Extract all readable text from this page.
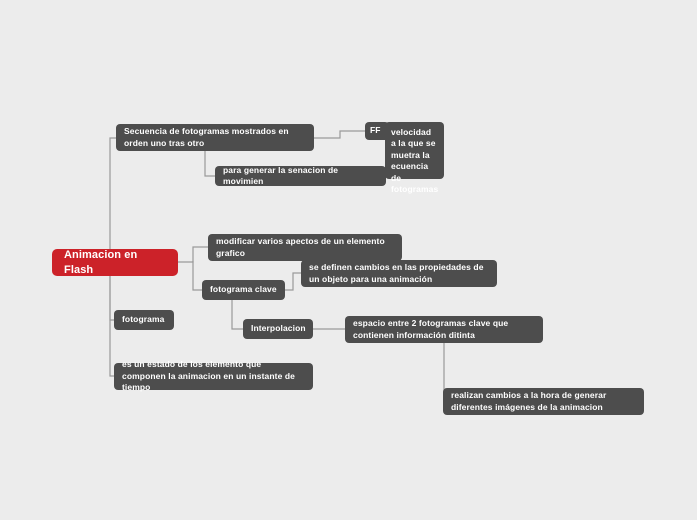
Animacion en Flash
Secuencia de fotogramas mostrados en orden uno tras otro
FF	velocidad a la que se muetra la ecuencia de fotogramas
para generar la senacion de movimien
modificar varios apectos de un elemento grafico
se definen cambios en las propiedades de un objeto para una animación
fotograma clave
fotograma
Interpolacion
espacio entre 2 fotogramas clave que contienen información ditinta
es un estado de los elemento que componen la animacion en un instante de tiempo
realizan cambios a la hora de generar diferentes imágenes de la animacion
